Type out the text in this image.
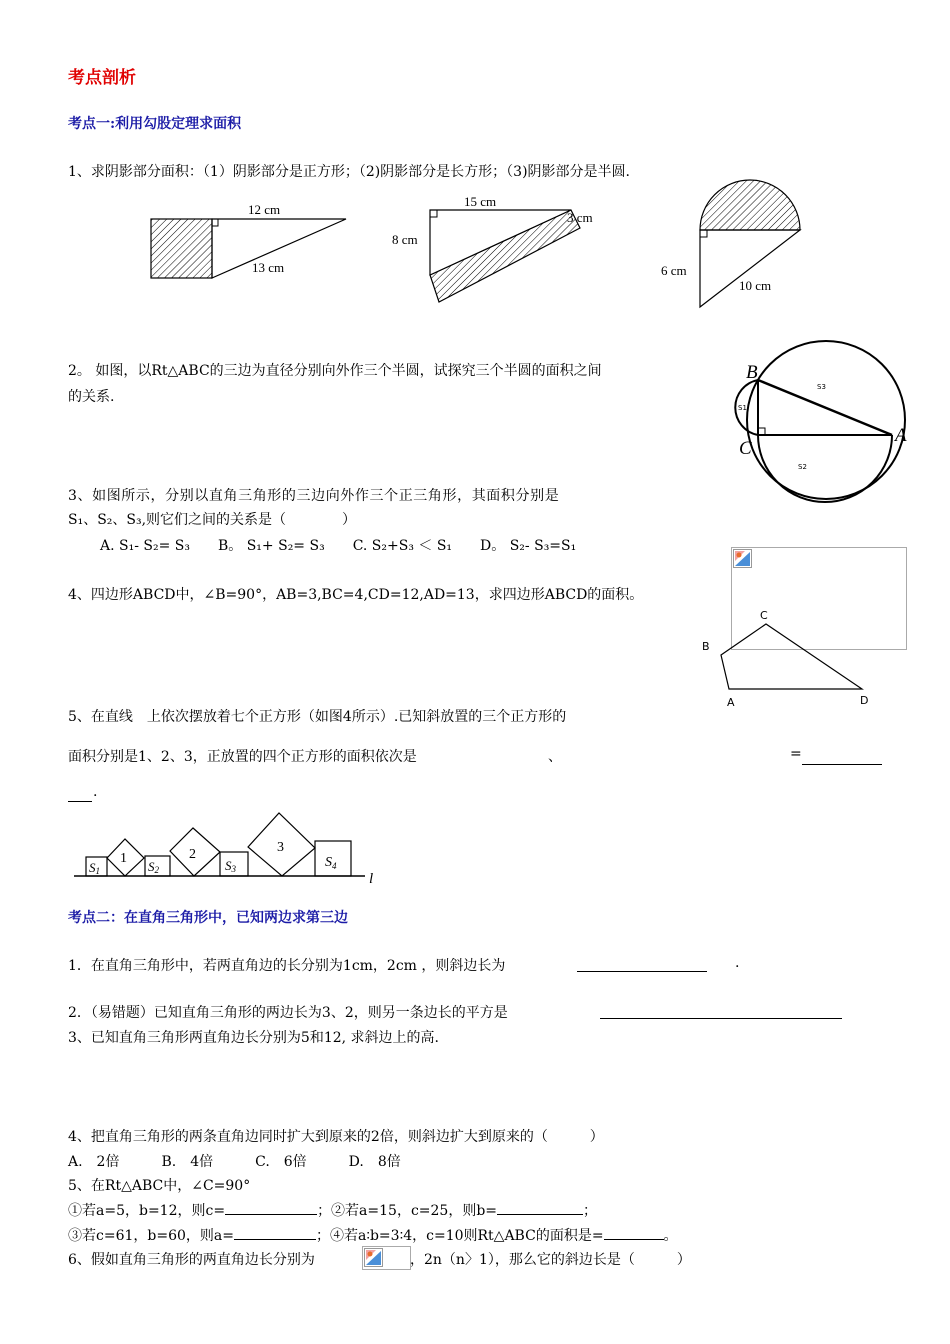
考点剖析
考点一:利用勾股定理求面积
1、求阴影部分面积：（1）阴影部分是正方形；（2)阴影部分是长方形；（3)阴影部分是半圆.
12 cm
13 cm
15 cm
8 cm
3 cm
6 cm
10 cm
2。 如图，以Rt△ABC的三边为直径分别向外作三个半圆，试探究三个半圆的面积之间
的关系.
B
C
A
S1
S3
S2
3、如图所示，分别以直角三角形的三边向外作三个正三角形，其面积分别是
S₁、S₂、S₃,则它们之间的关系是（　　　　）
A. S₁- S₂= S₃　　B。 S₁+ S₂= S₃　　C. S₂+S₃ ＜ S₁　　D。 S₂- S₃=S₁
4、四边形ABCD中，∠B=90°，AB=3,BC=4,CD=12,AD=13，求四边形ABCD的面积。
B
C
D
A
5、在直线　上依次摆放着七个正方形（如图4所示）.已知斜放置的三个正方形的
面积分别是1、2、3，正放置的四个正方形的面积依次是	、	=
.
S1
1
S2
2
S3
3
$S_4$
l
考点二：在直角三角形中，已知两边求第三边
1．在直角三角形中，若两直角边的长分别为1cm，2cm ，则斜边长为	.
2．（易错题）已知直角三角形的两边长为3、2，则另一条边长的平方是
3、已知直角三角形两直角边长分别为5和12, 求斜边上的高.
4、把直角三角形的两条直角边同时扩大到原来的2倍，则斜边扩大到原来的（　　　）
A.　2倍　　　B.　4倍　　　C.　6倍　　　D.　8倍
5、在Rt△ABC中，∠C=90°
①若a=5，b=12，则c=	；②若a=15，c=25，则b=	；
③若c=61，b=60，则a=	；④若a∶b=3∶4，c=10则Rt△ABC的面积是=	。
6、假如直角三角形的两直角边长分别为	，2n（n〉1），那么它的斜边长是（　　　）
